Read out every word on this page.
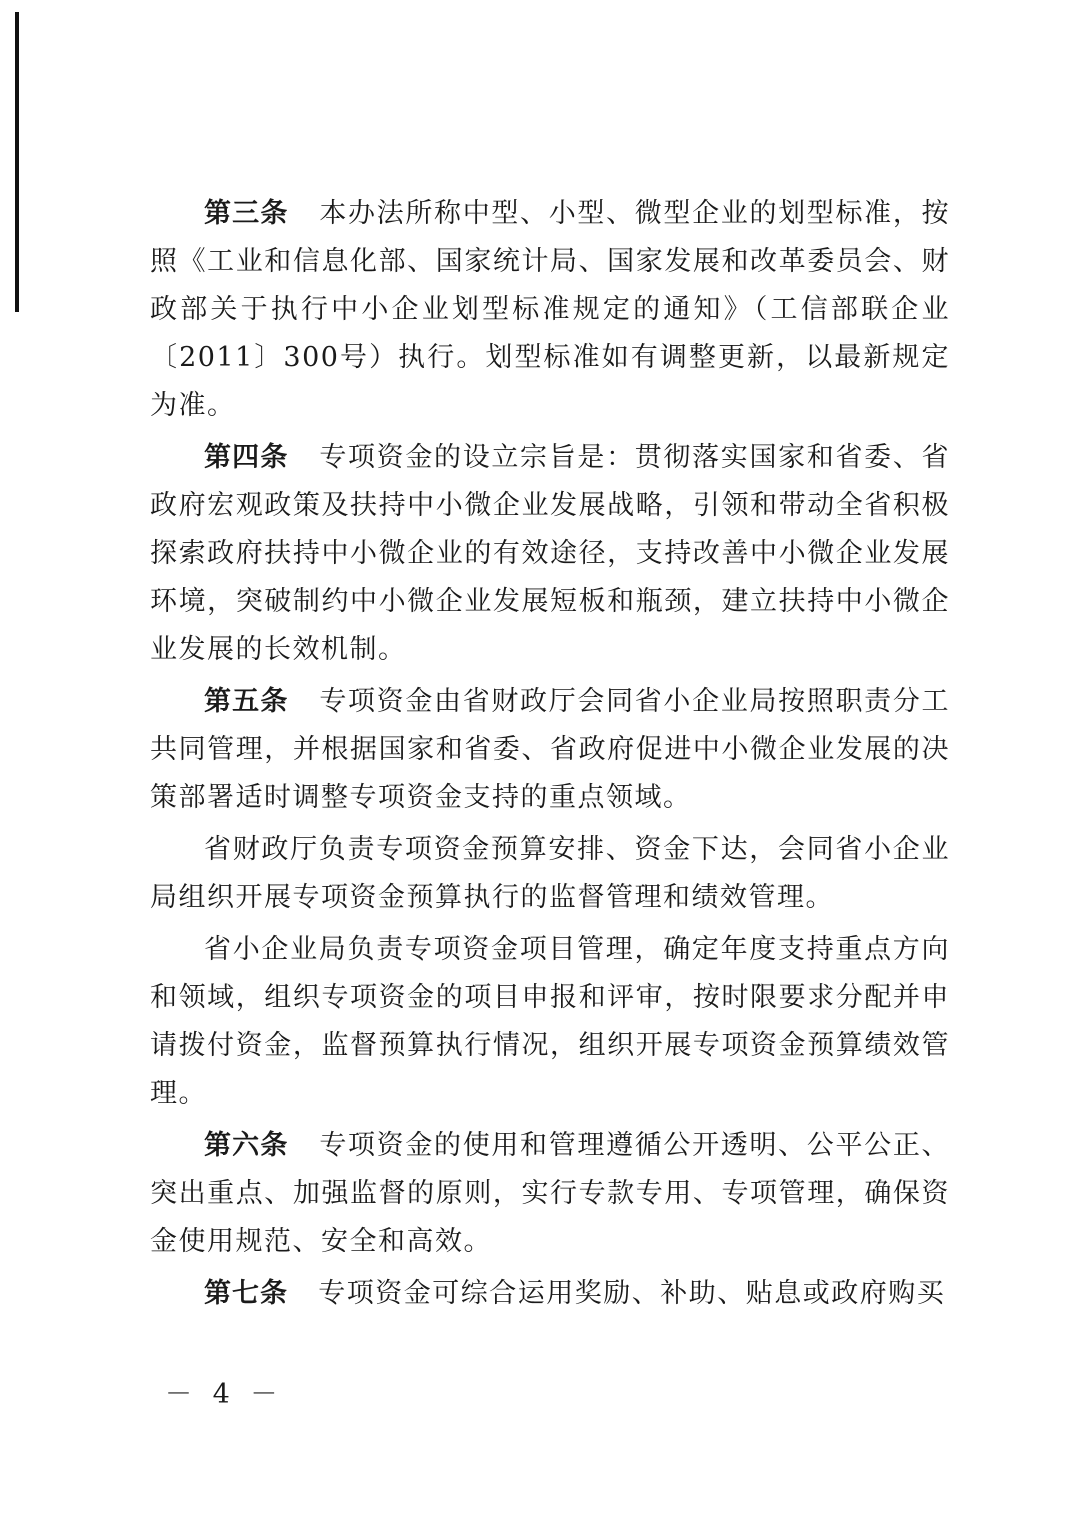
第三条 本办法所称中型、小型、微型企业的划型标准，按照《工业和信息化部、国家统计局、国家发展和改革委员会、财政部关于执行中小企业划型标准规定的通知》（工信部联企业〔2011〕300号）执行。划型标准如有调整更新，以最新规定为准。

第四条 专项资金的设立宗旨是：贯彻落实国家和省委、省政府宏观政策及扶持中小微企业发展战略，引领和带动全省积极探索政府扶持中小微企业的有效途径，支持改善中小微企业发展环境，突破制约中小微企业发展短板和瓶颈，建立扶持中小微企业发展的长效机制。

第五条 专项资金由省财政厅会同省小企业局按照职责分工共同管理，并根据国家和省委、省政府促进中小微企业发展的决策部署适时调整专项资金支持的重点领域。

省财政厅负责专项资金预算安排、资金下达，会同省小企业局组织开展专项资金预算执行的监督管理和绩效管理。

省小企业局负责专项资金项目管理，确定年度支持重点方向和领域，组织专项资金的项目申报和评审，按时限要求分配并申请拨付资金，监督预算执行情况，组织开展专项资金预算绩效管理。

第六条 专项资金的使用和管理遵循公开透明、公平公正、突出重点、加强监督的原则，实行专款专用、专项管理，确保资金使用规范、安全和高效。

第七条 专项资金可综合运用奖励、补助、贴息或政府购买

－ 4 －
